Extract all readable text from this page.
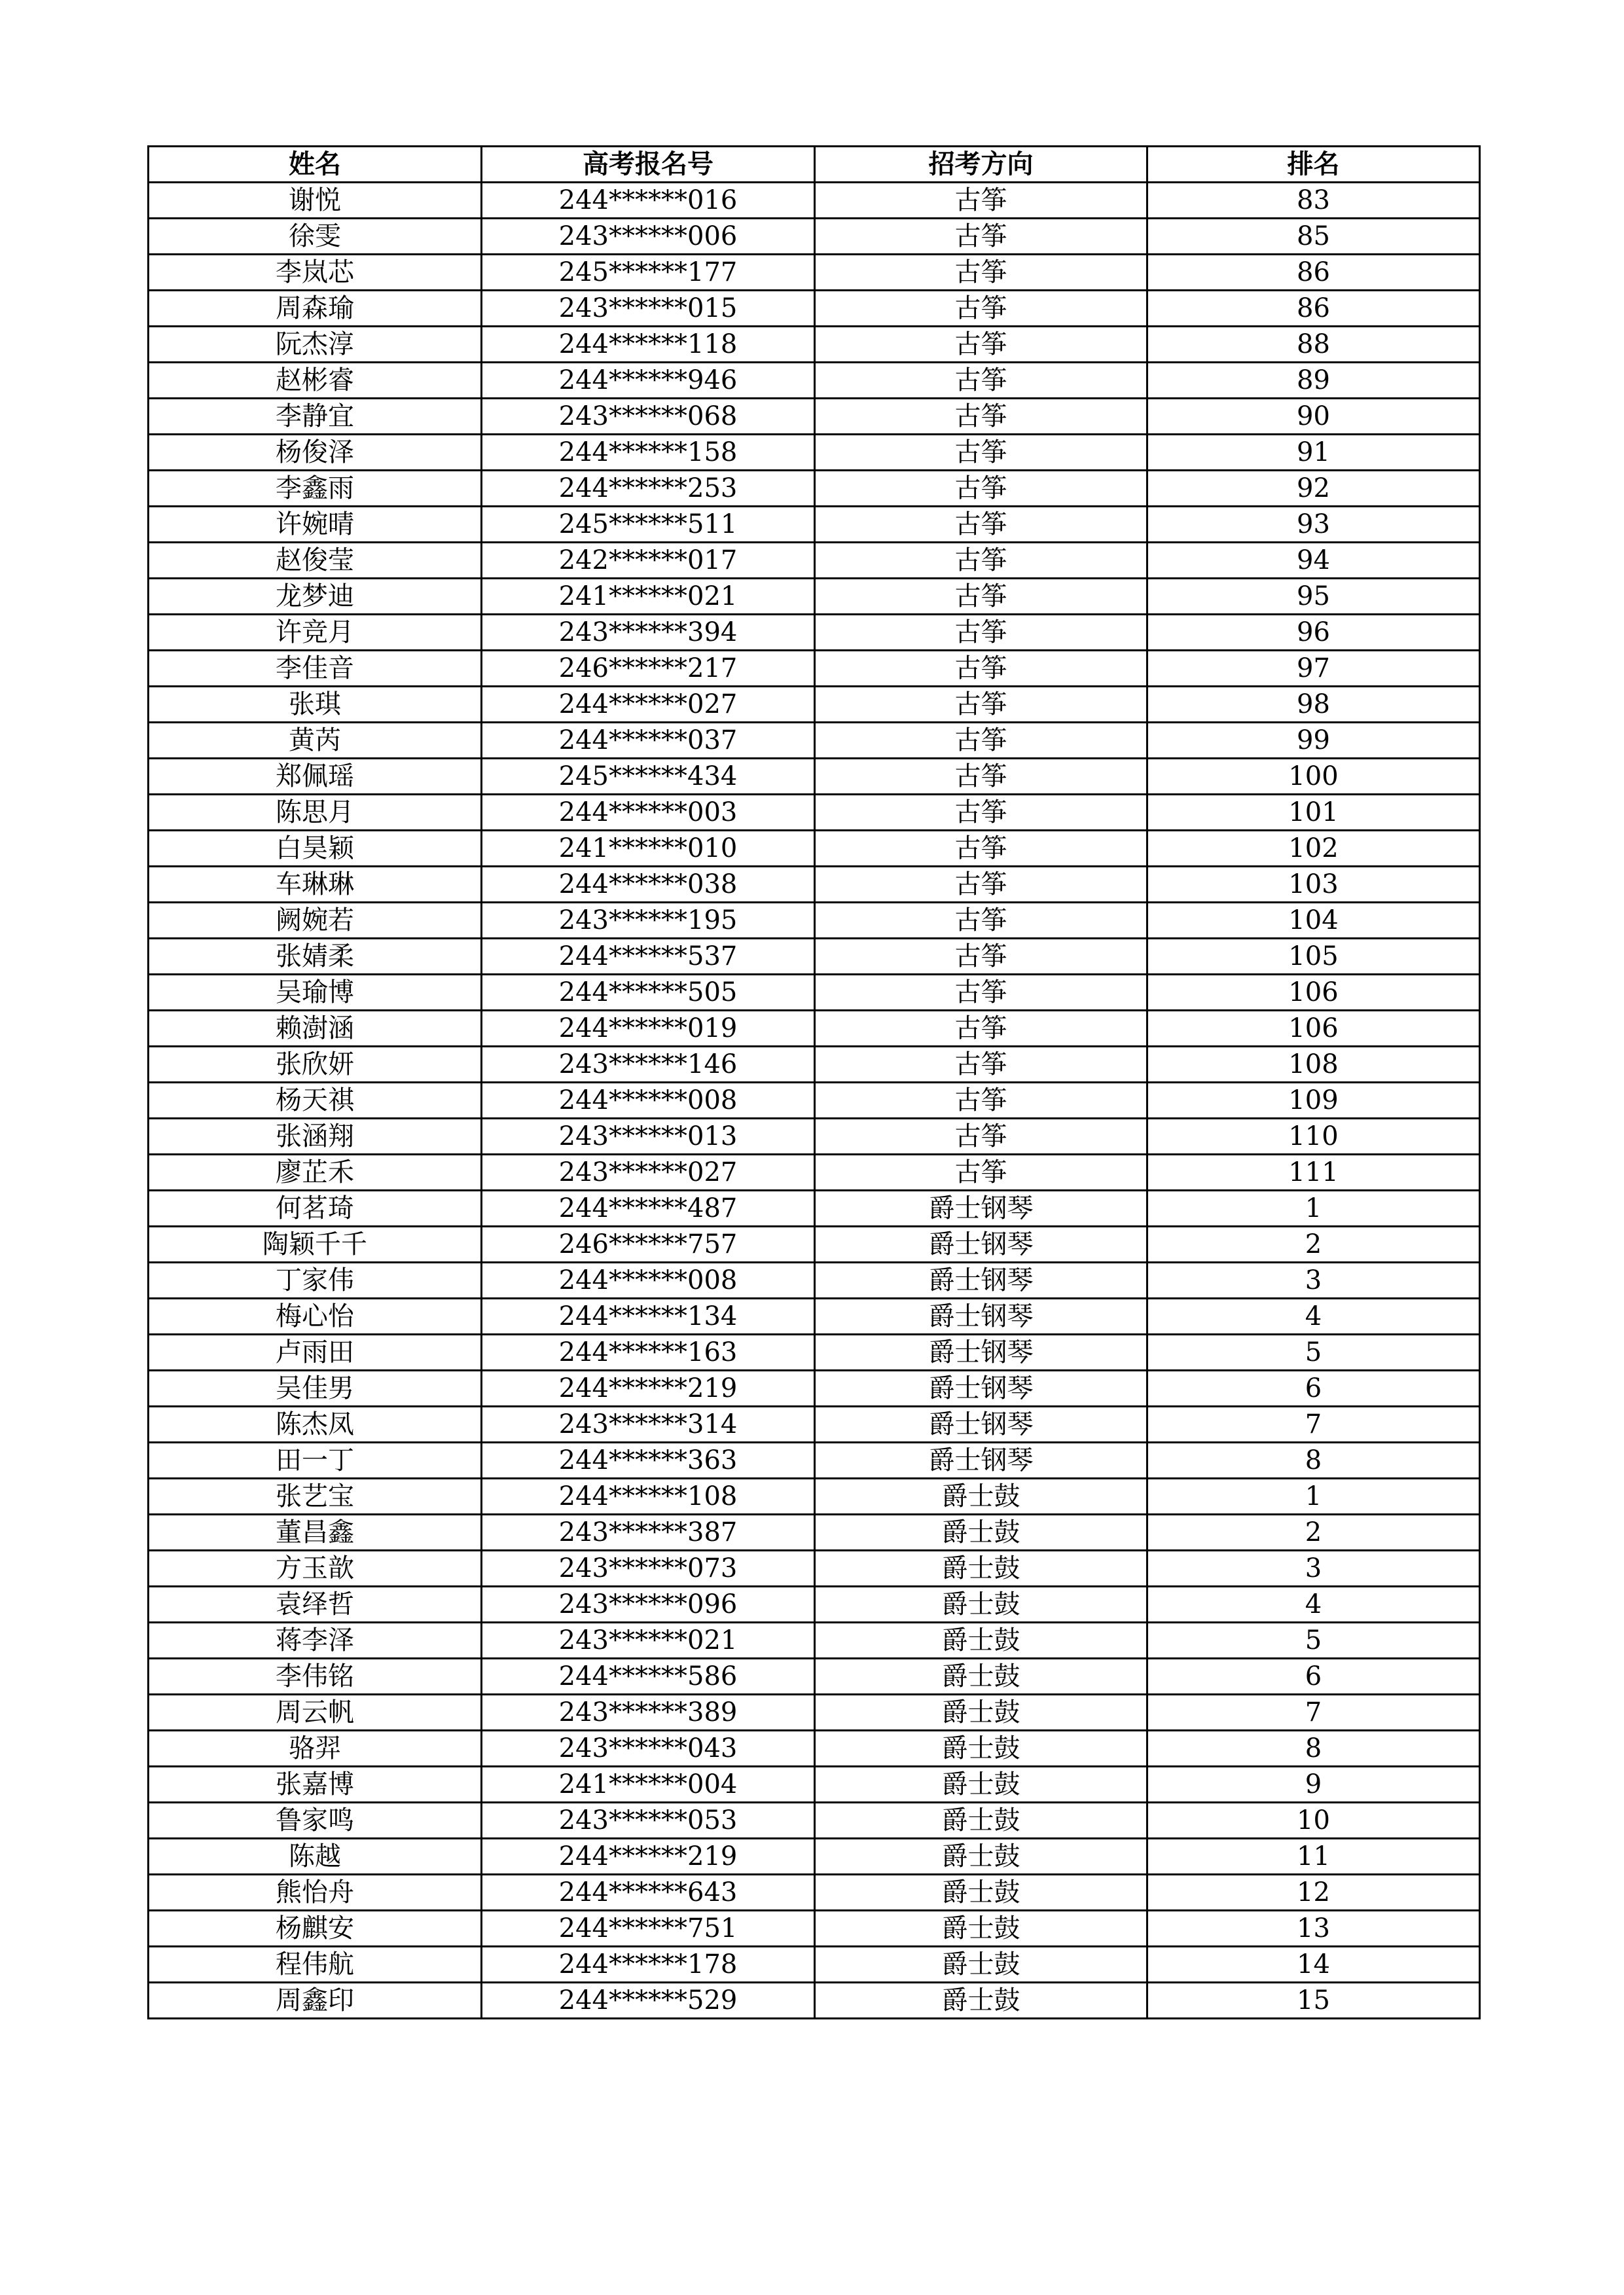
姓名	高考报名号	招考方向	排名
谢悦	244******016	古筝	83
徐雯	243******006	古筝	85
李岚芯	245******177	古筝	86
周森瑜	243******015	古筝	86
阮杰淳	244******118	古筝	88
赵彬睿	244******946	古筝	89
李静宜	243******068	古筝	90
杨俊泽	244******158	古筝	91
李鑫雨	244******253	古筝	92
许婉晴	245******511	古筝	93
赵俊莹	242******017	古筝	94
龙梦迪	241******021	古筝	95
许竞月	243******394	古筝	96
李佳音	246******217	古筝	97
张琪	244******027	古筝	98
黄芮	244******037	古筝	99
郑佩瑶	245******434	古筝	100
陈思月	244******003	古筝	101
白昊颖	241******010	古筝	102
车琳琳	244******038	古筝	103
阙婉若	243******195	古筝	104
张婧柔	244******537	古筝	105
吴瑜博	244******505	古筝	106
赖澍涵	244******019	古筝	106
张欣妍	243******146	古筝	108
杨天祺	244******008	古筝	109
张涵翔	243******013	古筝	110
廖芷禾	243******027	古筝	111
何茗琦	244******487	爵士钢琴	1
陶颖千千	246******757	爵士钢琴	2
丁家伟	244******008	爵士钢琴	3
梅心怡	244******134	爵士钢琴	4
卢雨田	244******163	爵士钢琴	5
吴佳男	244******219	爵士钢琴	6
陈杰凤	243******314	爵士钢琴	7
田一丁	244******363	爵士钢琴	8
张艺宝	244******108	爵士鼓	1
董昌鑫	243******387	爵士鼓	2
方玉歆	243******073	爵士鼓	3
袁绎哲	243******096	爵士鼓	4
蒋李泽	243******021	爵士鼓	5
李伟铭	244******586	爵士鼓	6
周云帆	243******389	爵士鼓	7
骆羿	243******043	爵士鼓	8
张嘉博	241******004	爵士鼓	9
鲁家鸣	243******053	爵士鼓	10
陈越	244******219	爵士鼓	11
熊怡舟	244******643	爵士鼓	12
杨麒安	244******751	爵士鼓	13
程伟航	244******178	爵士鼓	14
周鑫印	244******529	爵士鼓	15
